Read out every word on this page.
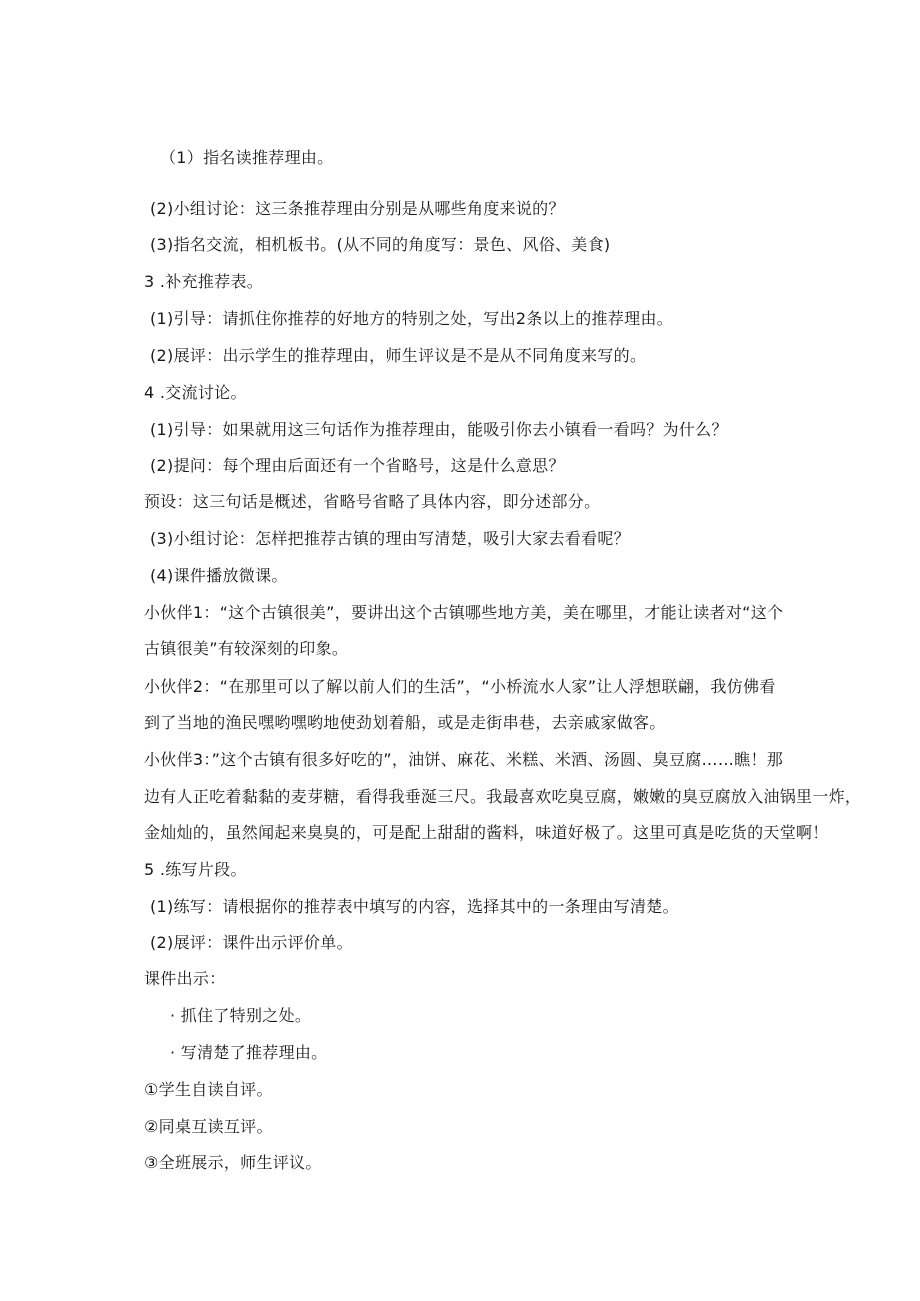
（1）指名读推荐理由。
(2)小组讨论：这三条推荐理由分别是从哪些角度来说的？
(3)指名交流，相机板书。(从不同的角度写：景色、风俗、美食)
3 .补充推荐表。
(1)引导：请抓住你推荐的好地方的特别之处，写出2条以上的推荐理由。
(2)展评：出示学生的推荐理由，师生评议是不是从不同角度来写的。
4 .交流讨论。
(1)引导：如果就用这三句话作为推荐理由，能吸引你去小镇看一看吗？为什么？
(2)提问：每个理由后面还有一个省略号，这是什么意思？
预设：这三句话是概述，省略号省略了具体内容，即分述部分。
(3)小组讨论：怎样把推荐古镇的理由写清楚，吸引大家去看看呢？
(4)课件播放微课。
小伙伴1：“这个古镇很美”，要讲出这个古镇哪些地方美，美在哪里，才能让读者对“这个
古镇很美”有较深刻的印象。
小伙伴2：“在那里可以了解以前人们的生活”，“小桥流水人家”让人浮想联翩，我仿佛看
到了当地的渔民嘿哟嘿哟地使劲划着船，或是走街串巷，去亲戚家做客。
小伙伴3：”这个古镇有很多好吃的”，油饼、麻花、米糕、米酒、汤圆、臭豆腐……瞧！那
边有人正吃着黏黏的麦芽糖，看得我垂涎三尺。我最喜欢吃臭豆腐，嫩嫩的臭豆腐放入油锅里一炸，
金灿灿的，虽然闻起来臭臭的，可是配上甜甜的酱料，味道好极了。这里可真是吃货的天堂啊！
5 .练写片段。
(1)练写：请根据你的推荐表中填写的内容，选择其中的一条理由写清楚。
(2)展评：课件出示评价单。
课件出示：
· 抓住了特别之处。
· 写清楚了推荐理由。
①学生自读自评。
②同桌互读互评。
③全班展示，师生评议。
